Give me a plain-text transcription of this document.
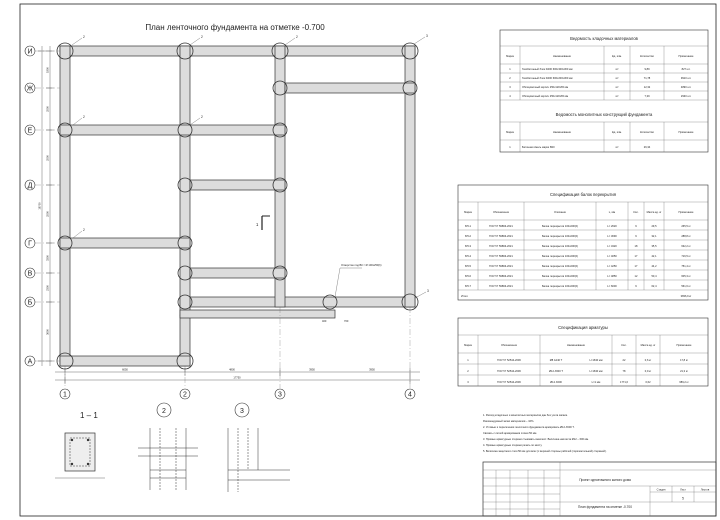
План ленточного фундамента на отметке -0.700
И
Ж
Е
Д
Г
В
Б
А
1	2	3	4
6050	4800	3950	3950
17750
1800
2500
2500
2500
3300
2300
3600
16700
1
2	2	2	3
2	2
2
3
Отверстие под ВК ≈ Ø 100х250(h)
400	700
1 – 1	2	3
Ведомость кладочных материалов
Марка	Наименование	Ед. изм.	Количество	Примечание
1	Газобетонный блок D400 600х300х300 мм	м³	9,89	827 шт.
2	Газобетонный блок D400 600х200х300 мм	м³	71,78	9910 шт.
3	Облицовочный кирпич 250х120х65 мм	м³	12,32	4890 шт.
4	Облицовочный кирпич 250х120х65 мм	м³	7,39	2930 шт.
Ведомость монолитных конструкций фундамента
Марка	Наименование	Ед. изм.	Количество	Примечание
1	Бетонная смесь марки В20	м³	26,34
Спецификация балок перекрытия
Марка	Обозначение	Описание	L, мм	Кол.	Масса ед. кг	Примечание
БП-1	ГОСТ Р 59893-2021	Балка перекрытия 100х200(h)	L= 2620	9	29,5	265,5 кг
БП-2	ГОСТ Р 59893-2021	Балка перекрытия 100х200(h)	L= 3090	9	32,1	288,8 кг
БП-3	ГОСТ Р 59893-2021	Балка перекрытия 100х200(h)	L= 3420	18	35,5	632,2 кг
БП-4	ГОСТ Р 59893-2021	Балка перекрытия 100х200(h)	L= 4050	17	42,1	716,5 кг
БП-5	ГОСТ Р 59893-2021	Балка перекрытия 100х200(h)	L= 4250	17	44,2	751,4 кг
БП-6	ГОСТ Р 59893-2021	Балка перекрытия 100х200(h)	L= 4850	12	50,4	605,3 кг
БП-7	ГОСТ Р 59893-2021	Балка перекрытия 100х200(h)	L= 6000	9	62,4	561,6 кг
Итого	3836,9 кг
Спецификация арматуры
Марка	Обозначение	Наименование	Кол.	Масса ед. кг	Примечание
1	ГОСТ Р 52544-2006	Ø8 А240 Т	L=1630 мм	22	0,6 кг	17,8 кг
2	ГОСТ Р 52544-2006	Ø12 А500 Т	L=1630 мм	78	0,9 кг	21,3 кг
3	ГОСТ Р 52544-2006	Ø12 А500	L=1 мм	1771,6	0,62	689,2 кг
1. Расход кладочных и монолитных материалов дан без учета запаса.
Рекомендуемый запас материалов – 10%.
2. Угловые и пересечения ленточного фундамента армировать Ø12 А500 Т.
Связать с сеткой армирования слоем 50 мм.
3. Прямые арматурные стержни стыковать внахлест. Величина нахлеста Ø12 – 600 мм.
4. Прямые арматурные стержни резать по месту.
5. Величина защитного слоя 50 мм для всех (с верхней стороны рабочей (горизонтальной) стержней).
Проект одноэтажного жилого дома
План фундамента на отметке -0.700
Стадия	Лист	Листов
5
